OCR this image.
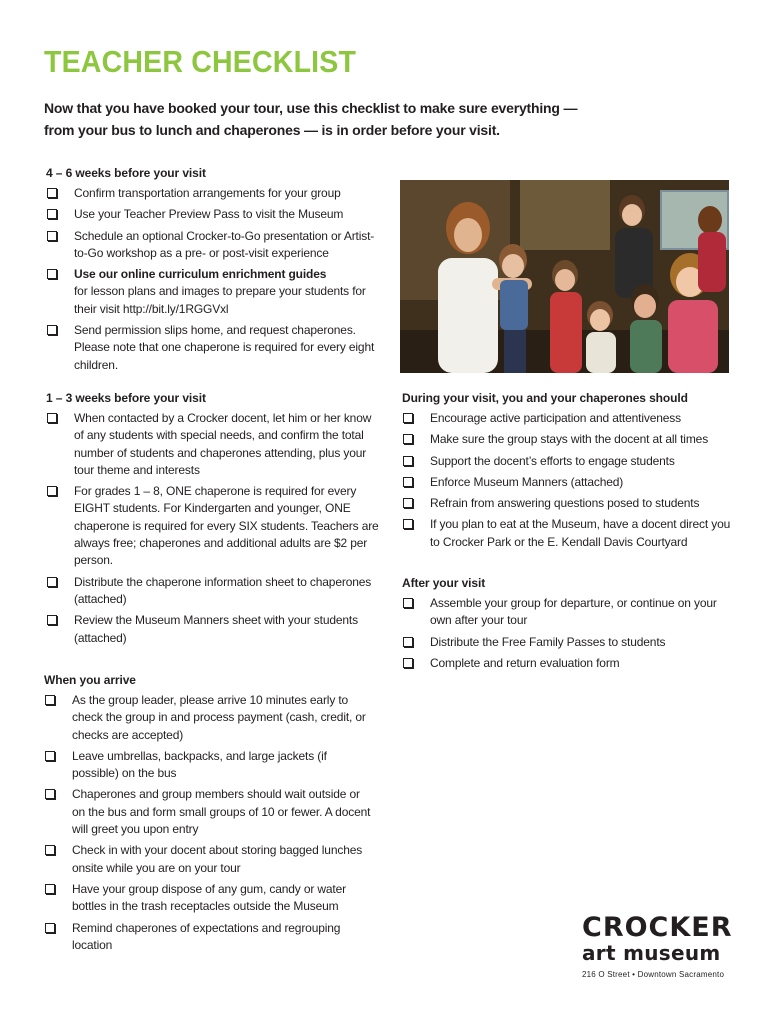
TEACHER CHECKLIST

Now that you have booked your tour, use this checklist to make sure everything — from your bus to lunch and chaperones — is in order before your visit.

4 – 6 weeks before your visit
Confirm transportation arrangements for your group
Use your Teacher Preview Pass to visit the Museum
Schedule an optional Crocker-to-Go presentation or Artist-to-Go workshop as a pre- or post-visit experience
Use our online curriculum enrichment guides
for lesson plans and images to prepare your students for their visit http://bit.ly/1RGGVxl
Send permission slips home, and request chaperones. Please note that one chaperone is required for every eight children.
1 – 3 weeks before your visit
When contacted by a Crocker docent, let him or her know of any students with special needs, and confirm the total number of students and chaperones attending, plus your tour theme and interests
For grades 1 – 8, ONE chaperone is required for every EIGHT students. For Kindergarten and younger, ONE chaperone is required for every SIX students. Teachers are always free; chaperones and additional adults are $2 per person.
Distribute the chaperone information sheet to chaperones (attached)
Review the Museum Manners sheet with your students (attached)
When you arrive
As the group leader, please arrive 10 minutes early to check the group in and process payment (cash, credit, or checks are accepted)
Leave umbrellas, backpacks, and large jackets (if possible) on the bus
Chaperones and group members should wait outside or on the bus and form small groups of 10 or fewer. A docent will greet you upon entry
Check in with your docent about storing bagged lunches onsite while you are on your tour
Have your group dispose of any gum, candy or water bottles in the trash receptacles outside the Museum
Remind chaperones of expectations and regrouping location
During your visit, you and your chaperones should
Encourage active participation and attentiveness
Make sure the group stays with the docent at all times
Support the docent’s efforts to engage students
Enforce Museum Manners (attached)
Refrain from answering questions posed to students
If you plan to eat at the Museum, have a docent direct you to Crocker Park or the E. Kendall Davis Courtyard
After your visit
Assemble your group for departure, or continue on your own after your tour
Distribute the Free Family Passes to students
Complete and return evaluation form
CROCKER
art museum
216 O Street • Downtown Sacramento
